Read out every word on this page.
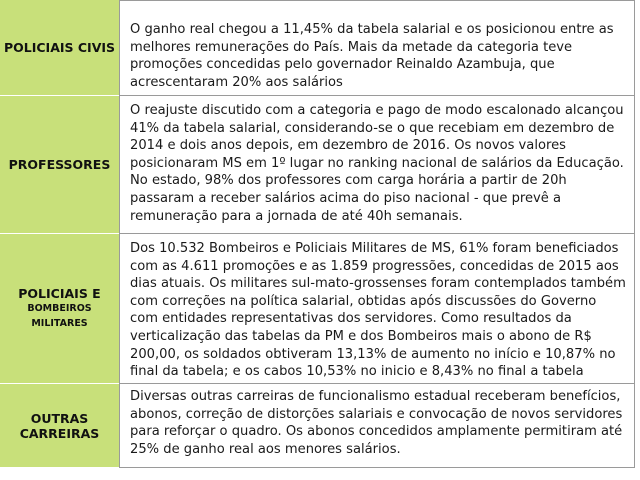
POLICIAIS CIVIS
O ganho real chegou a 11,45% da tabela salarial e os posicionou entre as melhores remunerações do País. Mais da metade da categoria teve promoções concedidas pelo governador Reinaldo Azambuja, que acrescentaram 20% aos salários
PROFESSORES
O reajuste discutido com a categoria e pago de modo escalonado alcançou 41% da tabela salarial, considerando-se o que recebiam em dezembro de 2014 e dois anos depois, em dezembro de 2016. Os novos valores posicionaram MS em 1º lugar no ranking nacional de salários da Educação. No estado, 98% dos professores com carga horária a partir de 20h passaram a receber salários acima do piso nacional - que prevê a remuneração para a jornada de até 40h semanais.
POLICIAIS E
BOMBEIROS MILITARES
Dos 10.532 Bombeiros e Policiais Militares de MS, 61% foram beneficiados com as 4.611 promoções e as 1.859 progressões, concedidas de 2015 aos dias atuais. Os militares sul-mato-grossenses foram contemplados também com correções na política salarial, obtidas após discussões do Governo com entidades representativas dos servidores. Como resultados da verticalização das tabelas da PM e dos Bombeiros mais o abono de R$ 200,00, os soldados obtiveram 13,13% de aumento no início e 10,87% no final da tabela; e os cabos 10,53% no inicio e 8,43% no final a tabela
OUTRAS CARREIRAS
Diversas outras carreiras de funcionalismo estadual receberam benefícios, abonos, correção de distorções salariais e convocação de novos servidores para reforçar o quadro. Os abonos concedidos amplamente permitiram até 25% de ganho real aos menores salários.
